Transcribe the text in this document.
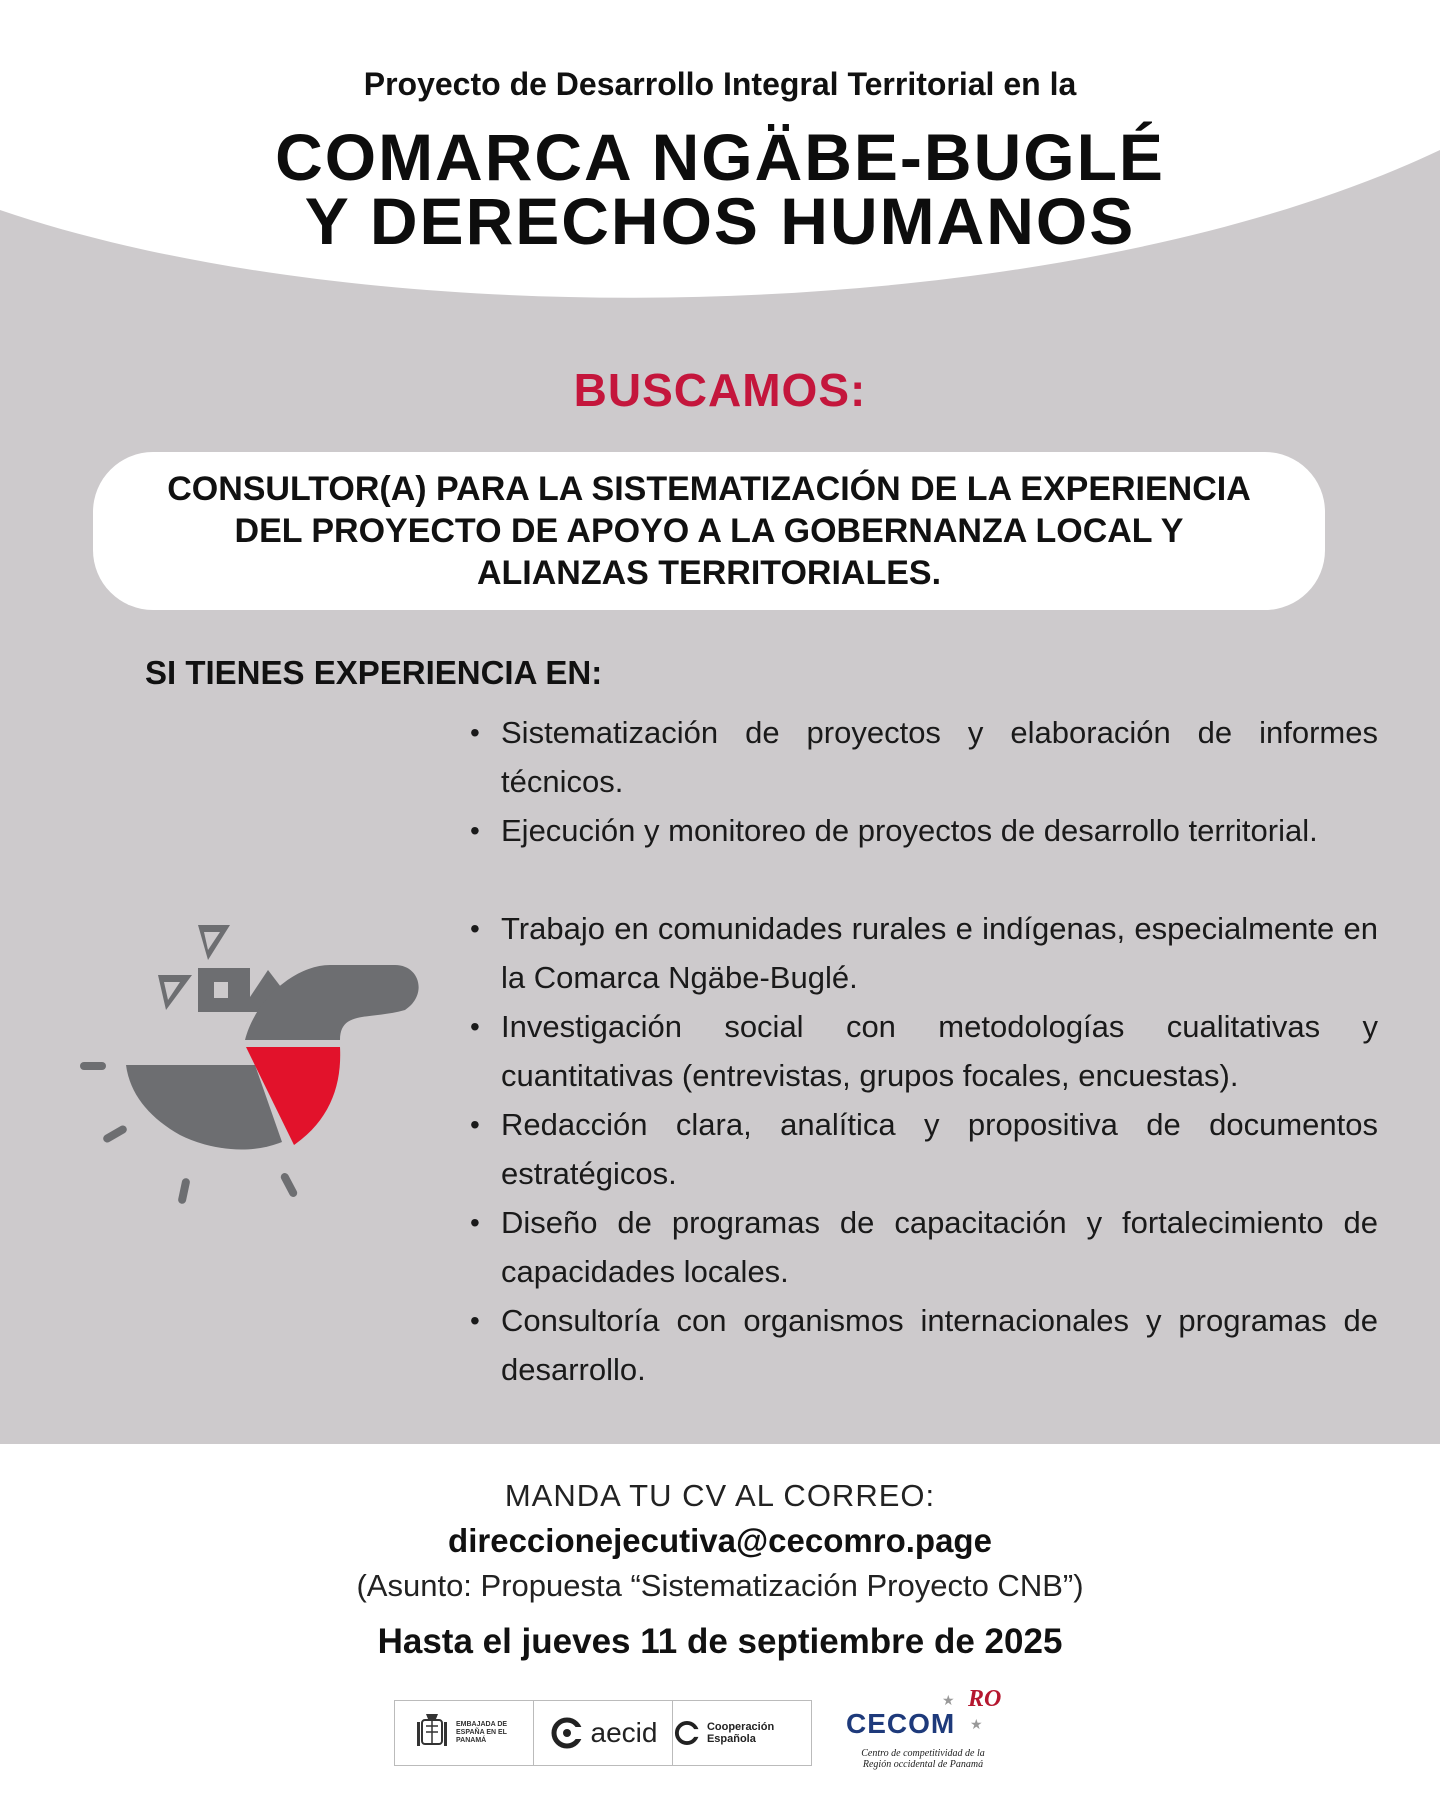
Proyecto de Desarrollo Integral Territorial en la
COMARCA NGÄBE-BUGLÉ
Y DERECHOS HUMANOS
BUSCAMOS:
CONSULTOR(A) PARA LA SISTEMATIZACIÓN DE LA EXPERIENCIA DEL PROYECTO DE APOYO A LA GOBERNANZA LOCAL Y ALIANZAS TERRITORIALES.
SI TIENES EXPERIENCIA EN:
• Sistematización de proyectos y elaboración de informes técnicos.
• Ejecución y monitoreo de proyectos de desarrollo territorial.
• Trabajo en comunidades rurales e indígenas, especialmente en la Comarca Ngäbe-Buglé.
• Investigación social con metodologías cualitativas y cuantitativas (entrevistas, grupos focales, encuestas).
• Redacción clara, analítica y propositiva de documentos estratégicos.
• Diseño de programas de capacitación y fortalecimiento de capacidades locales.
• Consultoría con organismos internacionales y programas de desarrollo.
MANDA TU CV AL CORREO:
direccionejecutiva@cecomro.page
(Asunto: Propuesta “Sistematización Proyecto CNB”)
Hasta el jueves 11 de septiembre de 2025
EMBAJADA DE ESPAÑA EN EL PANAMÁ	aecid	Cooperación Española
★ RO
CECOM ★
Centro de competitividad de la Región occidental de Panamá
